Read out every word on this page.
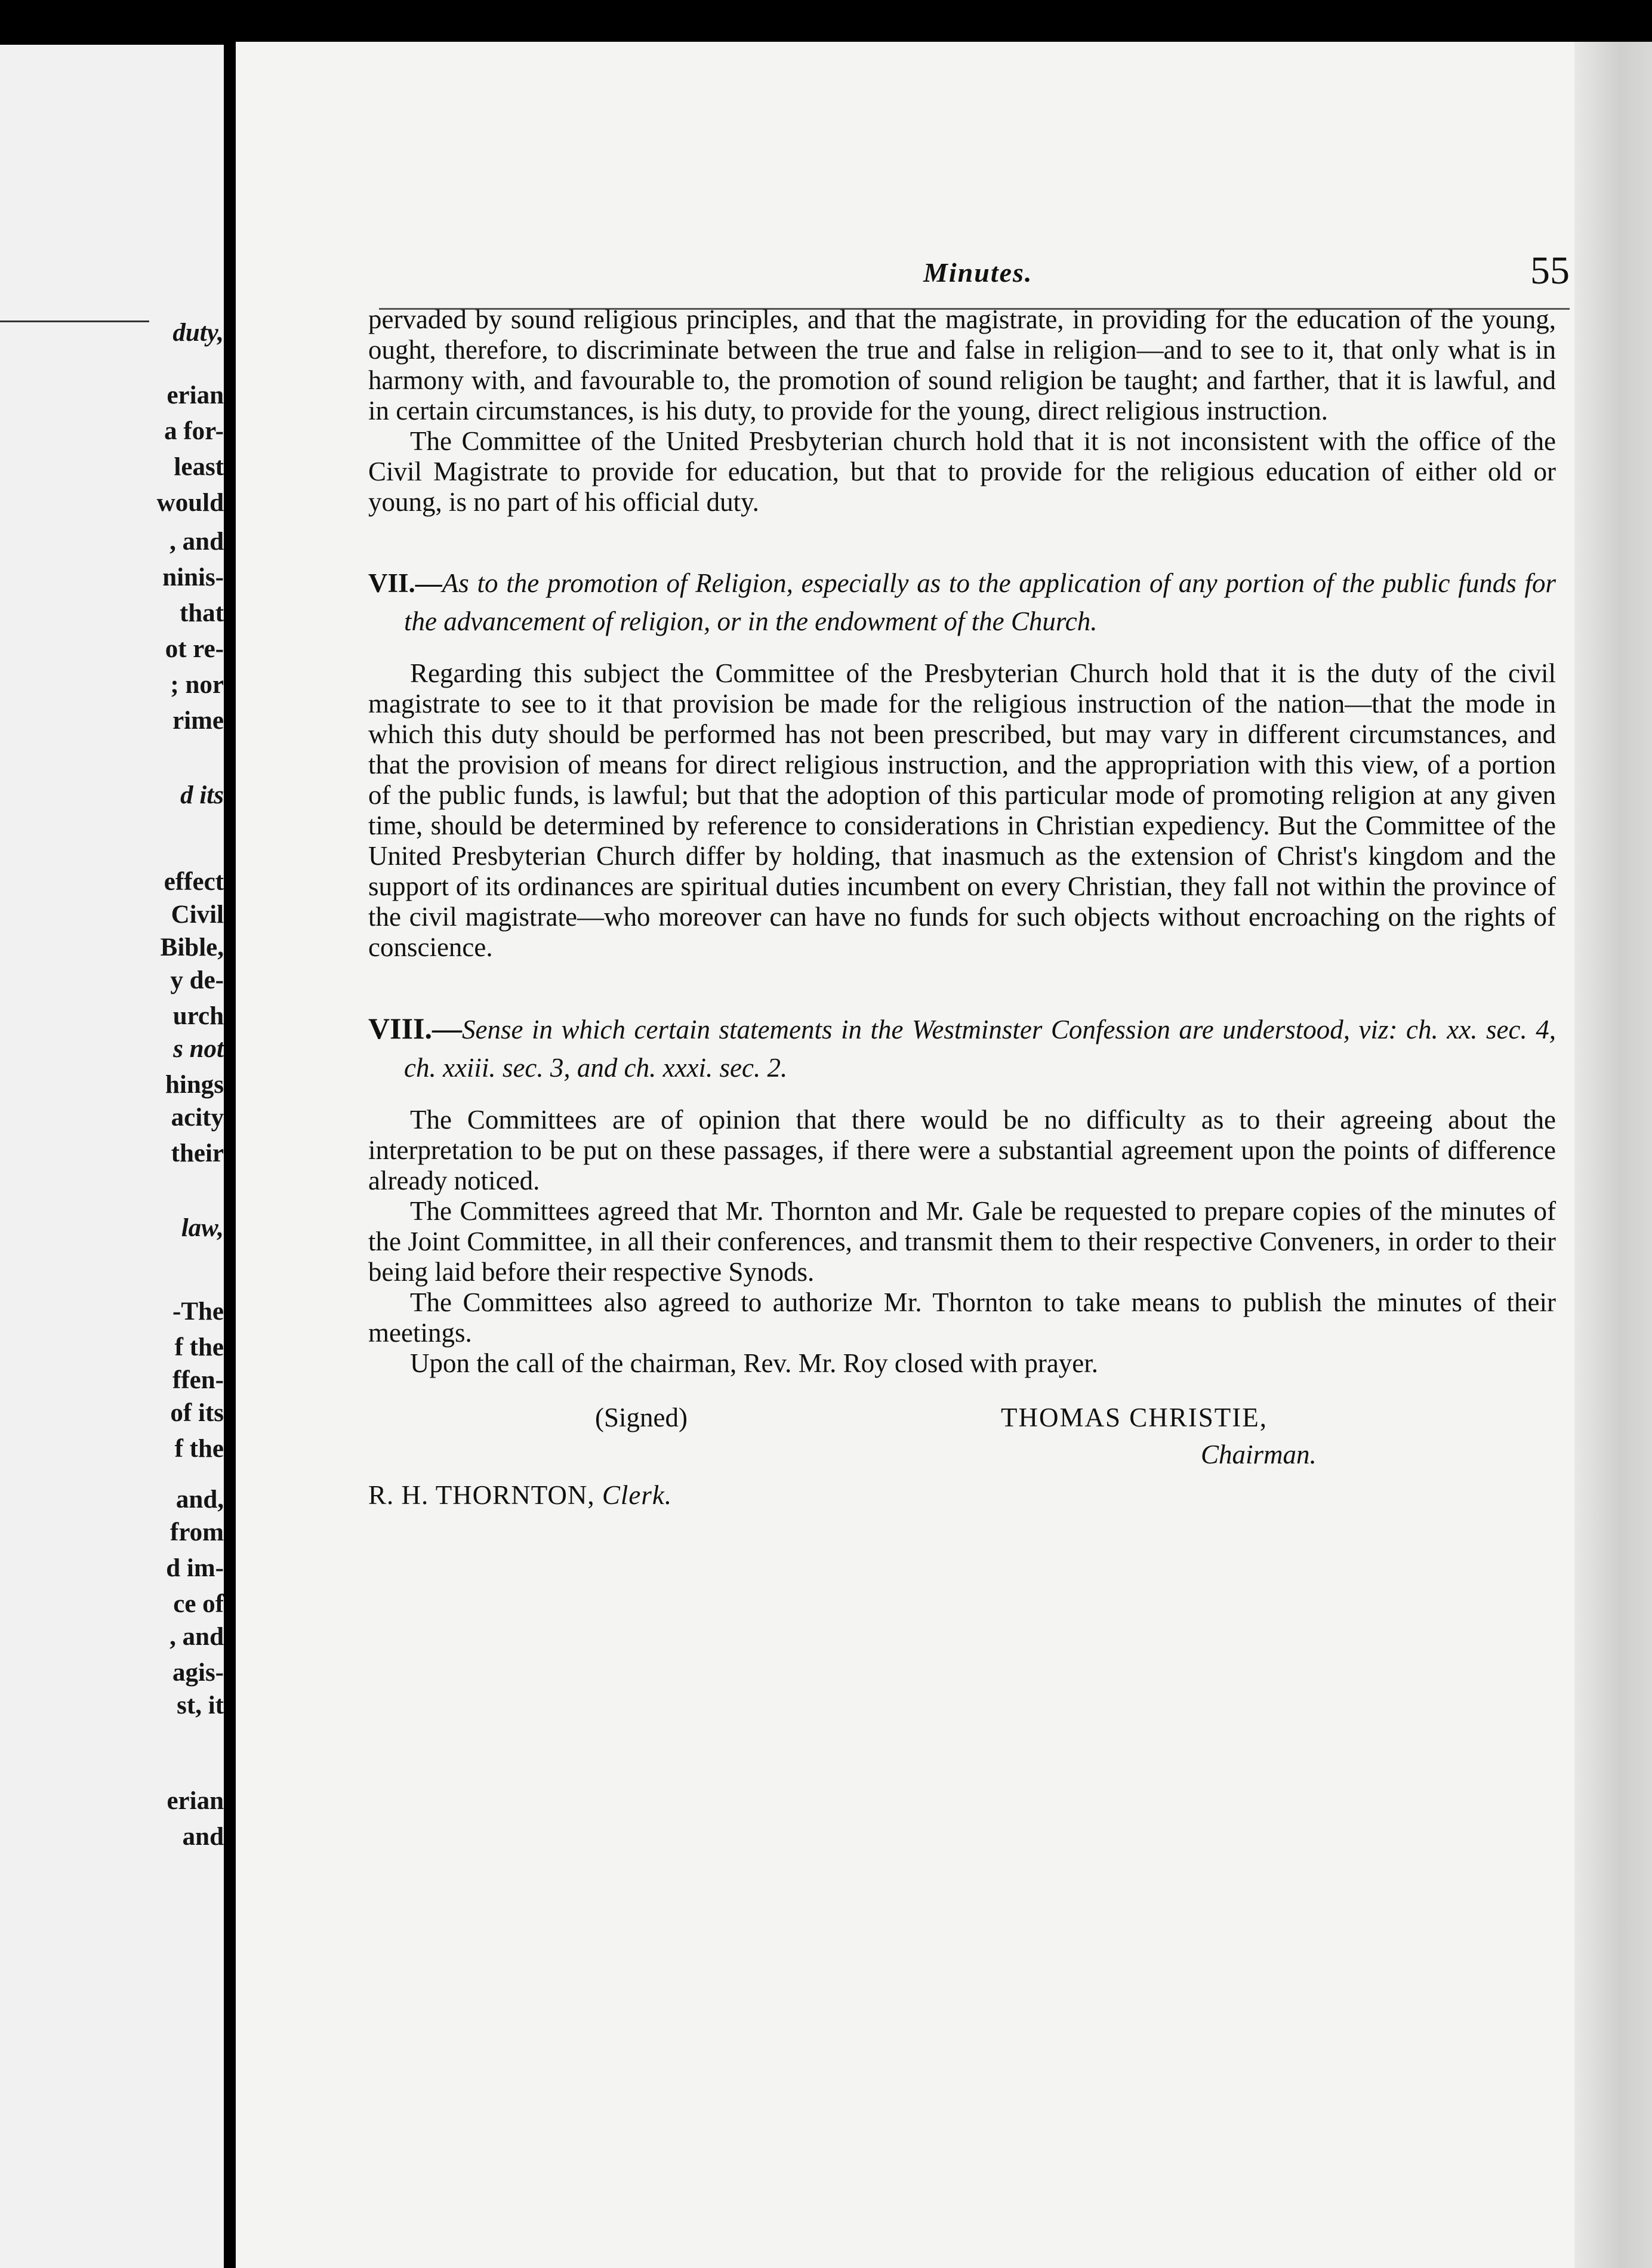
duty,
erian
a for-
least
would
, and
ninis-
that
ot re-
; nor
rime
d its
effect
Civil
Bible,
y de-
urch
s not
hings
acity
their
law,
-The
f the
ffen-
of its
f the
and,
from
d im-
ce of
, and
agis-
st, it
erian
and
Minutes.	55

pervaded by sound religious principles, and that the magistrate, in providing for the education of the young, ought, therefore, to discriminate between the true and false in religion—and to see to it, that only what is in harmony with, and favourable to, the promotion of sound religion be taught; and farther, that it is lawful, and in certain circumstances, is his duty, to provide for the young, direct religious instruction.

The Committee of the United Presbyterian church hold that it is not inconsistent with the office of the Civil Magistrate to provide for education, but that to provide for the religious education of either old or young, is no part of his official duty.

VII.—As to the promotion of Religion, especially as to the application of any portion of the public funds for the advancement of religion, or in the endowment of the Church.

Regarding this subject the Committee of the Presbyterian Church hold that it is the duty of the civil magistrate to see to it that provision be made for the religious instruction of the nation—that the mode in which this duty should be performed has not been prescribed, but may vary in different circumstances, and that the provision of means for direct religious instruction, and the appropriation with this view, of a portion of the public funds, is lawful; but that the adoption of this particular mode of promoting religion at any given time, should be determined by reference to considerations in Christian expediency. But the Committee of the United Presbyterian Church differ by holding, that inasmuch as the extension of Christ's kingdom and the support of its ordinances are spiritual duties incumbent on every Christian, they fall not within the province of the civil magistrate—who moreover can have no funds for such objects without encroaching on the rights of conscience.

VIII.—Sense in which certain statements in the Westminster Confession are understood, viz: ch. xx. sec. 4, ch. xxiii. sec. 3, and ch. xxxi. sec. 2.

The Committees are of opinion that there would be no difficulty as to their agreeing about the interpretation to be put on these passages, if there were a substantial agreement upon the points of difference already noticed.

The Committees agreed that Mr. Thornton and Mr. Gale be requested to prepare copies of the minutes of the Joint Committee, in all their conferences, and transmit them to their respective Conveners, in order to their being laid before their respective Synods.

The Committees also agreed to authorize Mr. Thornton to take means to publish the minutes of their meetings.

Upon the call of the chairman, Rev. Mr. Roy closed with prayer.

(Signed)	THOMAS CHRISTIE,
Chairman.
R. H. THORNTON, Clerk.
